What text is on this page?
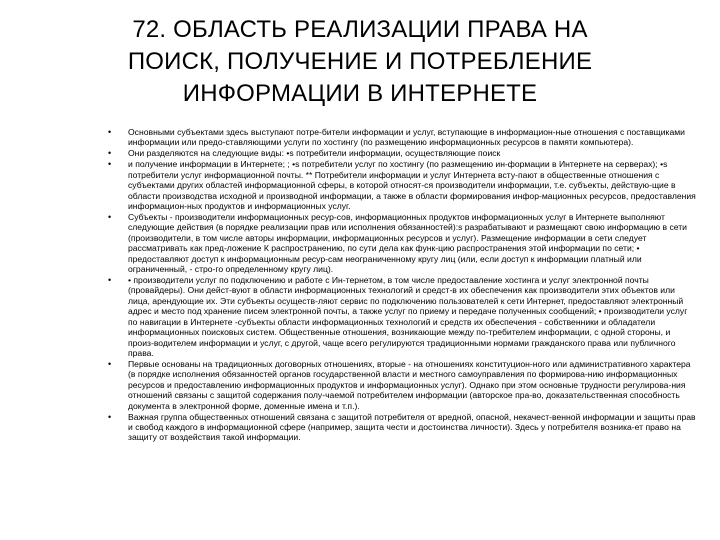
72. ОБЛАСТЬ РЕАЛИЗАЦИИ ПРАВА НА
ПОИСК, ПОЛУЧЕНИЕ И ПОТРЕБЛЕНИЕ
ИНФОРМАЦИИ В ИНТЕРНЕТЕ
•	Основными субъектами здесь выступают потре-бители информации и услуг, вступающие в информацион-ные отношения с поставщиками информации или предо-ставляющими услуги по хостингу (по размещению информационных ресурсов в памяти компьютера).
•	Они разделяются на следующие виды: •s потребители информации, осуществляющие поиск
•	и получение информации в Интернете; ; •s потребители услуг по хостингу (по размещению ин-формации в Интернете на серверах); •s потребители услуг информационной почты. ** Потребители информации и услуг Интернета всту-пают в общественные отношения с субъектами других областей информационной сферы, в которой относят-ся производители информации, т.е. субъекты, действую-щие в области производства исходной и производной информации, а также в области формирования инфор-мационных ресурсов, предоставления информацион-ных продуктов и информационных услуг.
•	Субъекты - производители информационных ресур-сов, информационных продуктов информационных услуг в Интернете выполняют следующие действия (в порядке реализации прав или исполнения обязанностей):s разрабатывают и размещают свою информацию в сети (производители, в том числе авторы информации, информационных ресурсов и услуг). Размещение информации в сети следует рассматривать как пред-ложение К распространению, по сути дела как функ-цию распространения этой информации по сети; • предоставляют доступ к информационным ресур-сам неограниченному кругу лиц (или, если доступ к информации платный или ограниченный, - стро-го определенному кругу лиц).
•	• производители услуг по подключению и работе с Ин-тернетом, в том числе предоставление хостинга и услуг электронной почты (провайдеры). Они дейст-вуют в области информационных технологий и средст-в их обеспечения как производители этих объектов или лица, арендующие их. Эти субъекты осуществ-ляют сервис по подключению пользователей к сети Интернет, предоставляют электронный адрес и место под хранение писем электронной почты, а также услуг по приему и передаче полученных сообщений; • производители услуг по навигации в Интернете -субъекты области информационных технологий и средств их обеспечения - собственники и обладатели информационных поисковых систем. Общественные отношения, возникающие между по-требителем информации, с одной стороны, и произ-водителем информации и услуг, с другой, чаще всего регулируются традиционными нормами гражданского права или публичного права.
•	Первые основаны на традиционных договорных отношениях, вторые - на отношениях конституцион-ного или административного характера (в порядке исполнения обязанностей органов государственной власти и местного самоуправления по формирова-нию информационных ресурсов и предоставлению информационных продуктов и информационных услуг). Однако при этом основные трудности регулирова-ния отношений связаны с защитой содержания полу-чаемой потребителем информации (авторское пра-во, доказательственная способность документа в электронной форме, доменные имена и т.п.).
•	Важная группа общественных отношений связана с защитой потребителя от вредной, опасной, некачест-венной информации и защиты прав и свобод каждого в информационной сфере (например, защита чести и достоинства личности). Здесь у потребителя возника-ет право на защиту от воздействия такой информации.
